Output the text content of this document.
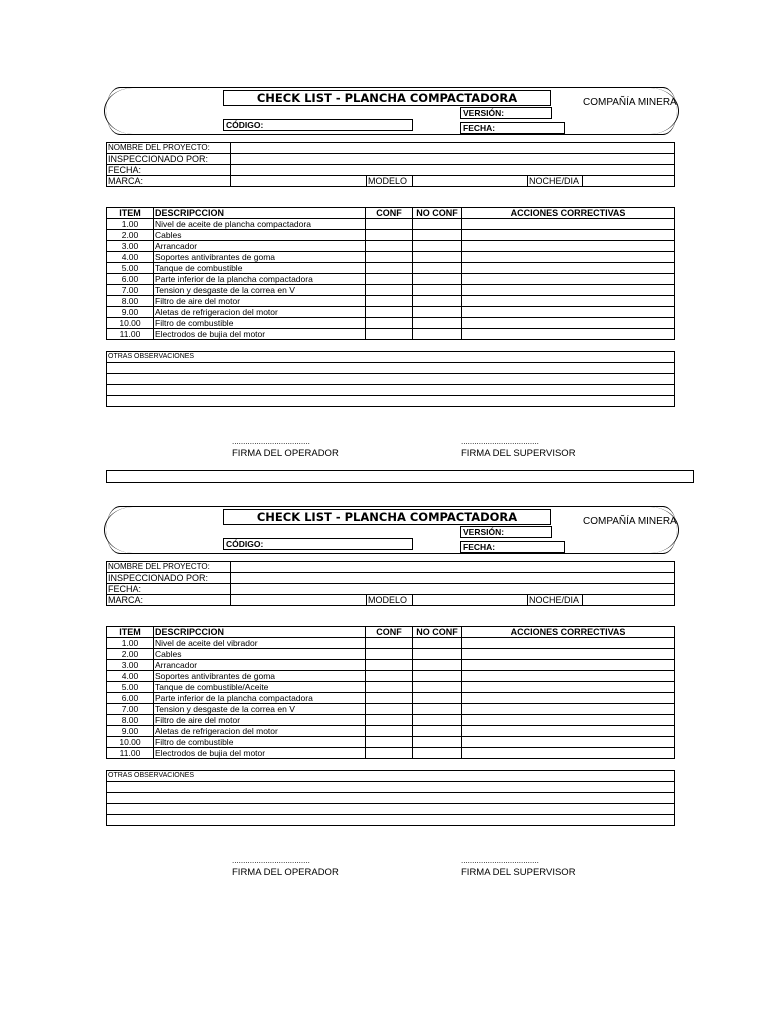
CHECK LIST - PLANCHA COMPACTADORA	COMPAÑÍA MINERA
VERSIÓN:
CÓDIGO:	FECHA:
NOMBRE DEL PROYECTO:					
INSPECCIONADO POR:					
FECHA:					
MARCA:		MODELO		NOCHE/DIA	
ITEM	DESCRIPCCION	CONF	NO CONF	ACCIONES CORRECTIVAS
1.00	Nivel de aceite de plancha compactadora			
2.00	Cables			
3.00	Arrancador			
4.00	Soportes antivibrantes de goma			
5.00	Tanque de combustible			
6.00	Parte inferior de la plancha compactadora			
7.00	Tension y desgaste de la correa en V			
8.00	Filtro de aire del motor			
9.00	Aletas de refrigeracion del motor			
10.00	Filtro de combustible			
11.00	Electrodos de bujia del motor			
OTRAS OBSERVACIONES

...................................
FIRMA DEL OPERADOR
...................................
FIRMA DEL SUPERVISOR
CHECK LIST - PLANCHA COMPACTADORA	COMPAÑÍA MINERA
VERSIÓN:
CÓDIGO:	FECHA:
NOMBRE DEL PROYECTO:					
INSPECCIONADO POR:					
FECHA:					
MARCA:		MODELO		NOCHE/DIA	
ITEM	DESCRIPCCION	CONF	NO CONF	ACCIONES CORRECTIVAS
1.00	Nivel de aceite del vibrador			
2.00	Cables			
3.00	Arrancador			
4.00	Soportes antivibrantes de goma			
5.00	Tanque de combustible/Aceite			
6.00	Parte inferior de la plancha compactadora			
7.00	Tension y desgaste de la correa en V			
8.00	Filtro de aire del motor			
9.00	Aletas de refrigeracion del motor			
10.00	Filtro de combustible			
11.00	Electrodos de bujia del motor			
OTRAS OBSERVACIONES

...................................
FIRMA DEL OPERADOR
...................................
FIRMA DEL SUPERVISOR
